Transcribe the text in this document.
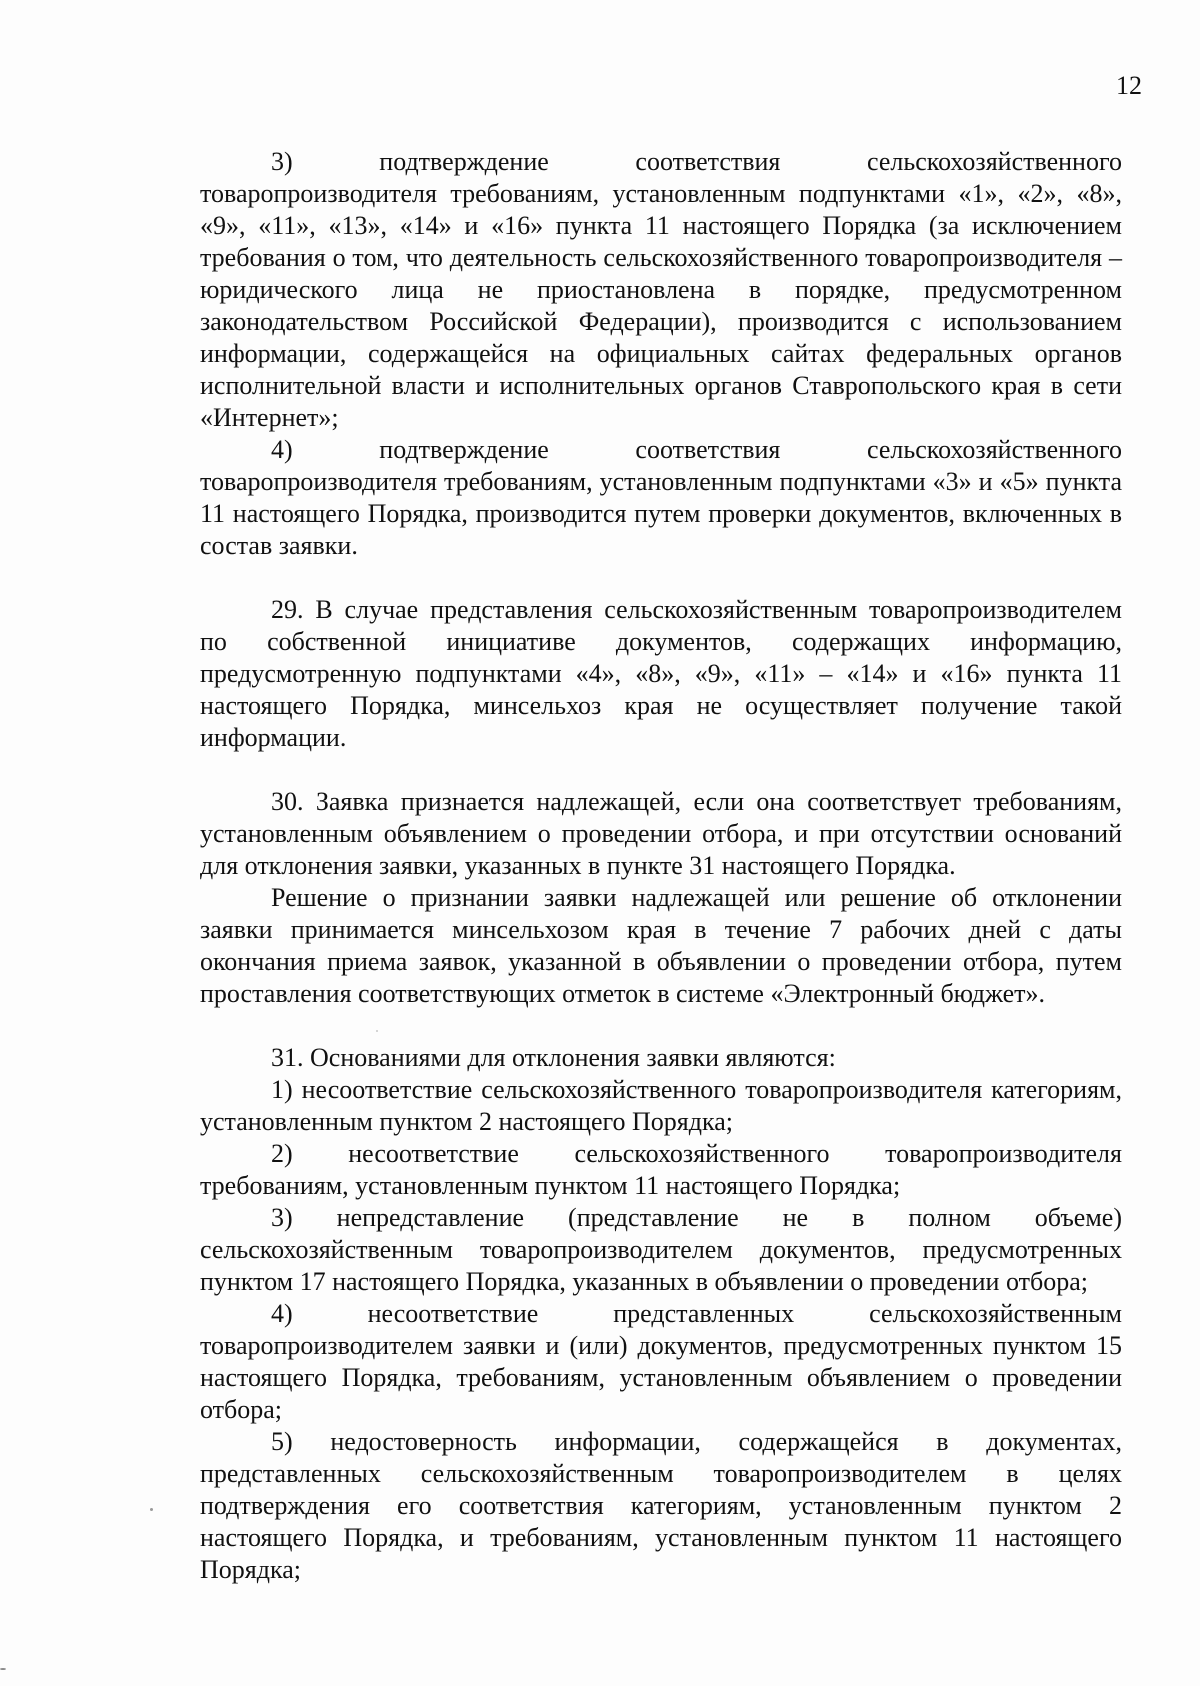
12

3) подтверждение соответствия сельскохозяйственного товаропроизводителя требованиям, установленным подпунктами «1», «2», «8», «9», «11», «13», «14» и «16» пункта 11 настоящего Порядка (за исключением требования о том, что деятельность сельскохозяйственного товаропроизводителя – юридического лица не приостановлена в порядке, предусмотренном законодательством Российской Федерации), производится с использованием информации, содержащейся на официальных сайтах федеральных органов исполнительной власти и исполнительных органов Ставропольского края в сети «Интернет»;

4) подтверждение соответствия сельскохозяйственного товаропроизводителя требованиям, установленным подпунктами «3» и «5» пункта 11 настоящего Порядка, производится путем проверки документов, включенных в состав заявки.

29. В случае представления сельскохозяйственным товаропроизводителем по собственной инициативе документов, содержащих информацию, предусмотренную подпунктами «4», «8», «9», «11» – «14» и «16» пункта 11 настоящего Порядка, минсельхоз края не осуществляет получение такой информации.

30. Заявка признается надлежащей, если она соответствует требованиям, установленным объявлением о проведении отбора, и при отсутствии оснований для отклонения заявки, указанных в пункте 31 настоящего Порядка.

Решение о признании заявки надлежащей или решение об отклонении заявки принимается минсельхозом края в течение 7 рабочих дней с даты окончания приема заявок, указанной в объявлении о проведении отбора, путем проставления соответствующих отметок в системе «Электронный бюджет».

31. Основаниями для отклонения заявки являются:

1) несоответствие сельскохозяйственного товаропроизводителя категориям, установленным пунктом 2 настоящего Порядка;

2) несоответствие сельскохозяйственного товаропроизводителя требованиям, установленным пунктом 11 настоящего Порядка;

3) непредставление (представление не в полном объеме) сельскохозяйственным товаропроизводителем документов, предусмотренных пунктом 17 настоящего Порядка, указанных в объявлении о проведении отбора;

4) несоответствие представленных сельскохозяйственным товаропроизводителем заявки и (или) документов, предусмотренных пунктом 15 настоящего Порядка, требованиям, установленным объявлением о проведении отбора;

5) недостоверность информации, содержащейся в документах, представленных сельскохозяйственным товаропроизводителем в целях подтверждения его соответствия категориям, установленным пунктом 2 настоящего Порядка, и требованиям, установленным пунктом 11 настоящего Порядка;
